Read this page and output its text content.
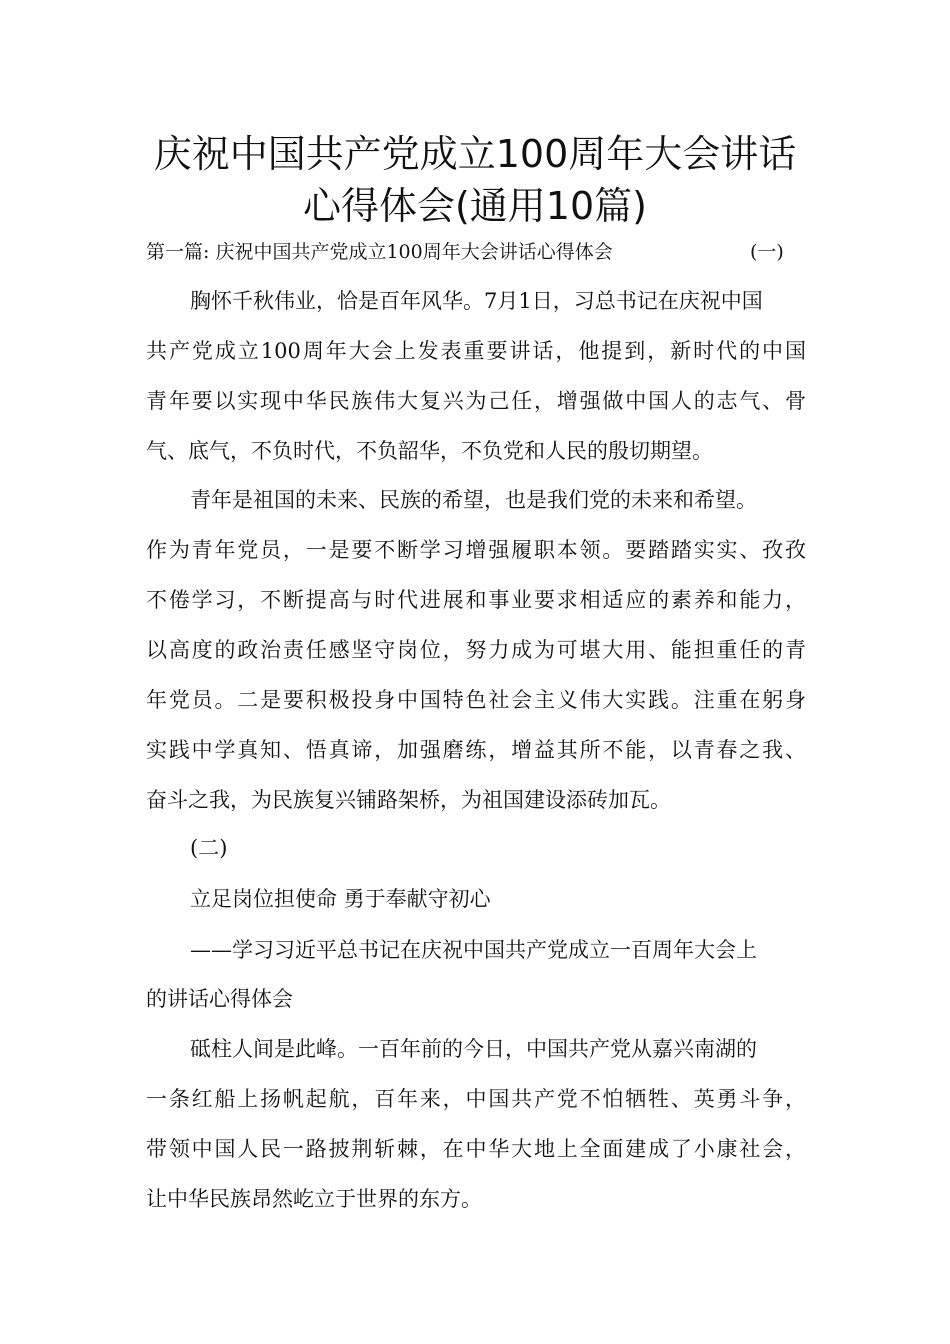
庆祝中国共产党成立100周年大会讲话
心得体会(通用10篇)
第一篇: 庆祝中国共产党成立100周年大会讲话心得体会	(一)
胸怀千秋伟业，恰是百年风华。7月1日，习总书记在庆祝中国
共产党成立100周年大会上发表重要讲话，他提到，新时代的中国
青年要以实现中华民族伟大复兴为己任，增强做中国人的志气、骨
气、底气，不负时代，不负韶华，不负党和人民的殷切期望。
青年是祖国的未来、民族的希望，也是我们党的未来和希望。
作为青年党员，一是要不断学习增强履职本领。要踏踏实实、孜孜
不倦学习，不断提高与时代进展和事业要求相适应的素养和能力，
以高度的政治责任感坚守岗位，努力成为可堪大用、能担重任的青
年党员。二是要积极投身中国特色社会主义伟大实践。注重在躬身
实践中学真知、悟真谛，加强磨练，增益其所不能，以青春之我、
奋斗之我，为民族复兴铺路架桥，为祖国建设添砖加瓦。
(二)
立足岗位担使命 勇于奉献守初心
——学习习近平总书记在庆祝中国共产党成立一百周年大会上
的讲话心得体会
砥柱人间是此峰。一百年前的今日，中国共产党从嘉兴南湖的
一条红船上扬帆起航，百年来，中国共产党不怕牺牲、英勇斗争，
带领中国人民一路披荆斩棘，在中华大地上全面建成了小康社会，
让中华民族昂然屹立于世界的东方。
